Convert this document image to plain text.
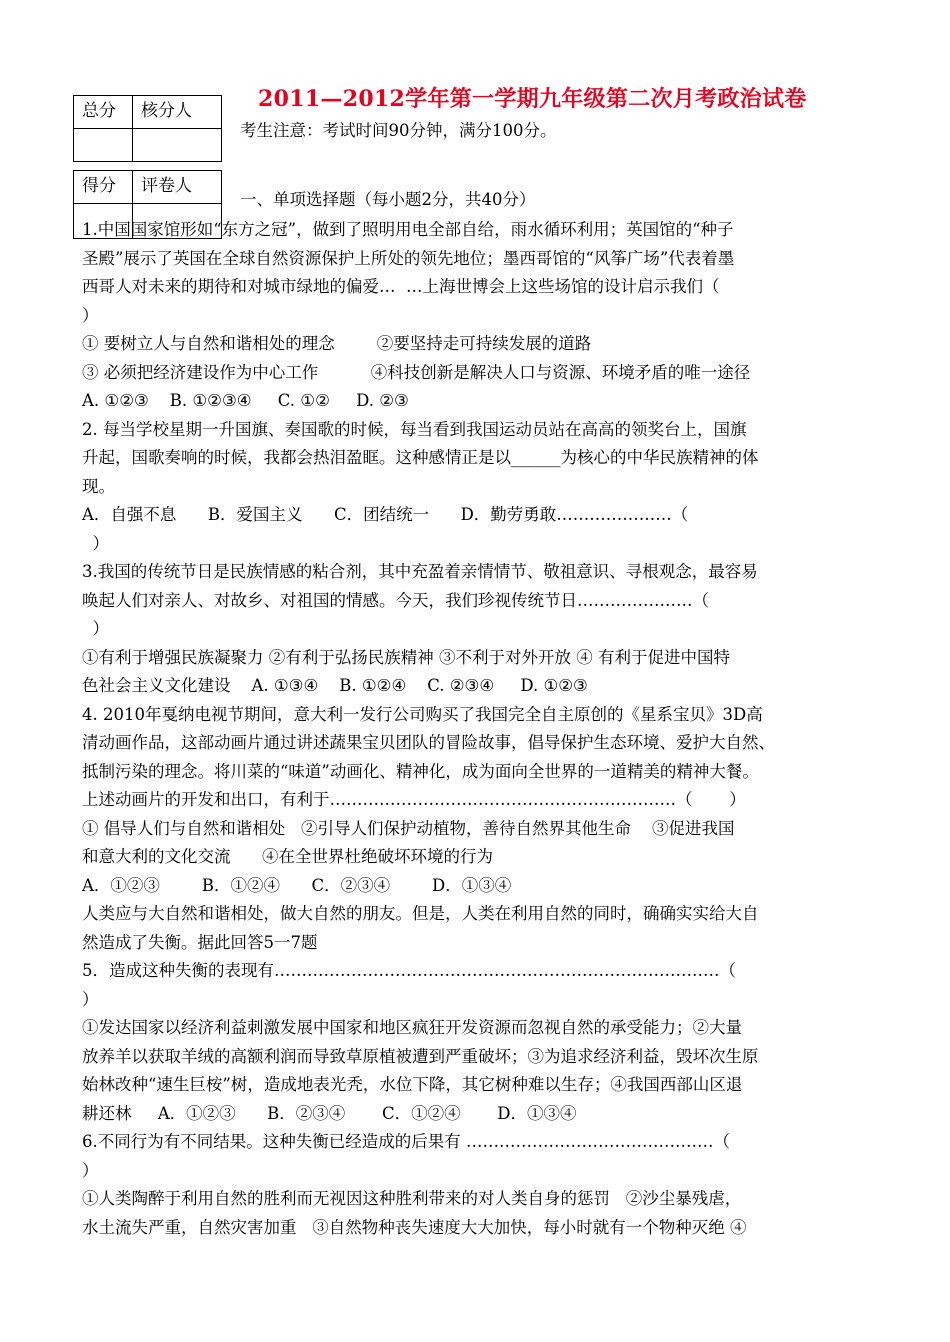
总分	核分人

得分	评卷人

2011—2012学年第一学期九年级第二次月考政治试卷
考生注意：考试时间90分钟，满分100分。
一、单项选择题（每小题2分，共40分）
1.中国国家馆形如“东方之冠”，做到了照明用电全部自给，雨水循环利用；英国馆的“种子
圣殿”展示了英国在全球自然资源保护上所处的领先地位；墨西哥馆的“风筝广场”代表着墨
西哥人对未来的期待和对城市绿地的偏爱…  …上海世博会上这些场馆的设计启示我们（
）
① 要树立人与自然和谐相处的理念        ②要坚持走可持续发展的道路
③ 必须把经济建设作为中心工作          ④科技创新是解决人口与资源、环境矛盾的唯一途径
A. ①②③    B. ①②③④     C. ①②     D. ②③
2. 每当学校星期一升国旗、奏国歌的时候，每当看到我国运动员站在高高的领奖台上，国旗
升起，国歌奏响的时候，我都会热泪盈眶。这种感情正是以______为核心的中华民族精神的体
现。
A．自强不息      B．爱国主义      C．团结统一      D．勤劳勇敢…………………（
）
3.我国的传统节日是民族情感的粘合剂，其中充盈着亲情情节、敬祖意识、寻根观念，最容易
唤起人们对亲人、对故乡、对祖国的情感。今天，我们珍视传统节日…………………（
）
①有利于增强民族凝聚力 ②有利于弘扬民族精神 ③不利于对外开放 ④ 有利于促进中国特
色社会主义文化建设    A. ①③④    B. ①②④    C. ②③④     D. ①②③
4. 2010年戛纳电视节期间，意大利一发行公司购买了我国完全自主原创的《星系宝贝》3D高
清动画作品，这部动画片通过讲述蔬果宝贝团队的冒险故事，倡导保护生态环境、爱护大自然、
抵制污染的理念。将川菜的“味道”动画化、精神化，成为面向全世界的一道精美的精神大餐。
上述动画片的开发和出口，有利于………………………………………………………（       ）
① 倡导人们与自然和谐相处   ②引导人们保护动植物，善待自然界其他生命    ③促进我国
和意大利的文化交流      ④在全世界杜绝破坏环境的行为
A．①②③        B．①②④      C．②③④        D．①③④
人类应与大自然和谐相处，做大自然的朋友。但是，人类在利用自然的同时，确确实实给大自
然造成了失衡。据此回答5一7题
5．造成这种失衡的表现有………………………………………………………………………（
）
①发达国家以经济利益刺激发展中国家和地区疯狂开发资源而忽视自然的承受能力；②大量
放养羊以获取羊绒的高额利润而导致草原植被遭到严重破坏；③为追求经济利益，毁坏次生原
始林改种“速生巨桉”树，造成地表光秃，水位下降，其它树种难以生存；④我国西部山区退
耕还林     A．①②③      B．②③④       C．①②④       D．①③④
6.不同行为有不同结果。这种失衡已经造成的后果有 ………………………………………（
）
①人类陶醉于利用自然的胜利而无视因这种胜利带来的对人类自身的惩罚   ②沙尘暴残虐，
水土流失严重，自然灾害加重   ③自然物种丧失速度大大加快，每小时就有一个物种灭绝 ④
